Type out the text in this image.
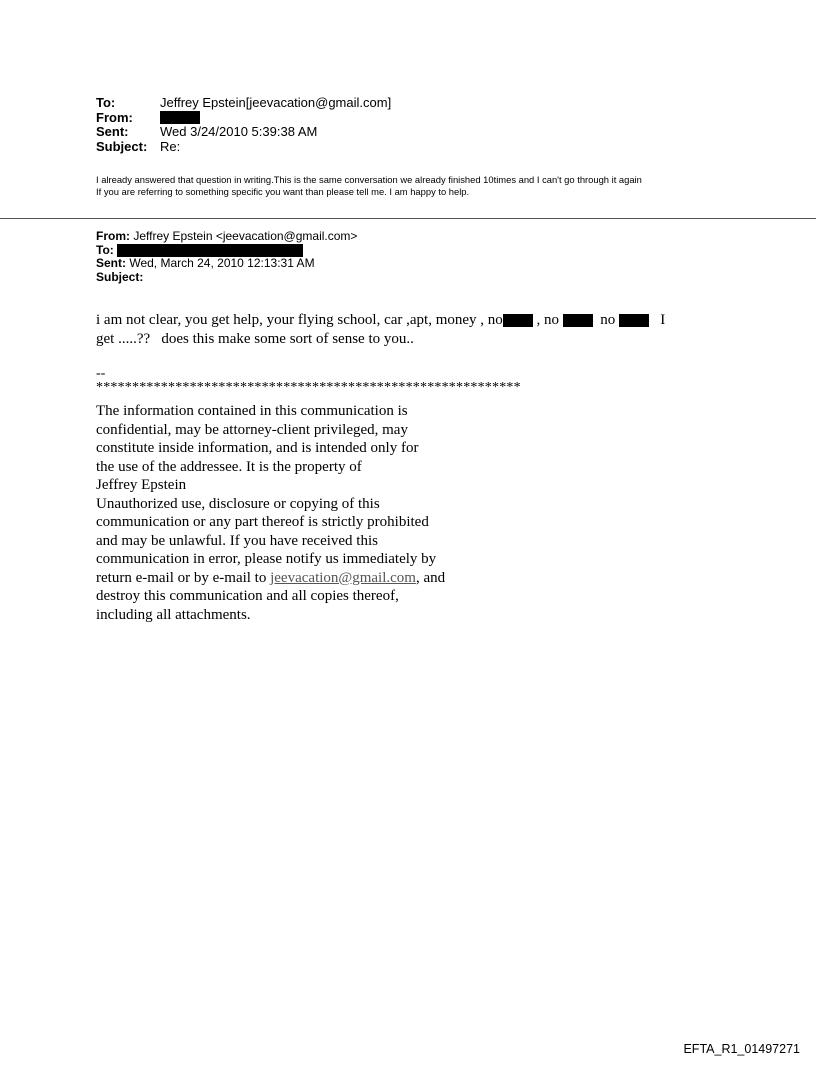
To:	Jeffrey Epstein[jeevacation@gmail.com]
From:
Sent:	Wed 3/24/2010 5:39:38 AM
Subject: Re:
I already answered that question in writing.This is the same conversation we already finished 10times and I can't go through it again
If you are referring to something specific you want than please tell me. I am happy to help.
From: Jeffrey Epstein <jeevacation@gmail.com>
To:
Sent: Wed, March 24, 2010 12:13:31 AM
Subject:
i am not clear, you get help, your flying school, car ,apt, money , no , no   no    I
get .....??   does this make some sort of sense to you..
--
***********************************************************
The information contained in this communication is
confidential, may be attorney-client privileged, may
constitute inside information, and is intended only for
the use of the addressee. It is the property of
Jeffrey Epstein
Unauthorized use, disclosure or copying of this
communication or any part thereof is strictly prohibited
and may be unlawful. If you have received this
communication in error, please notify us immediately by
return e-mail or by e-mail to jeevacation@gmail.com, and
destroy this communication and all copies thereof,
including all attachments.
EFTA_R1_01497271
